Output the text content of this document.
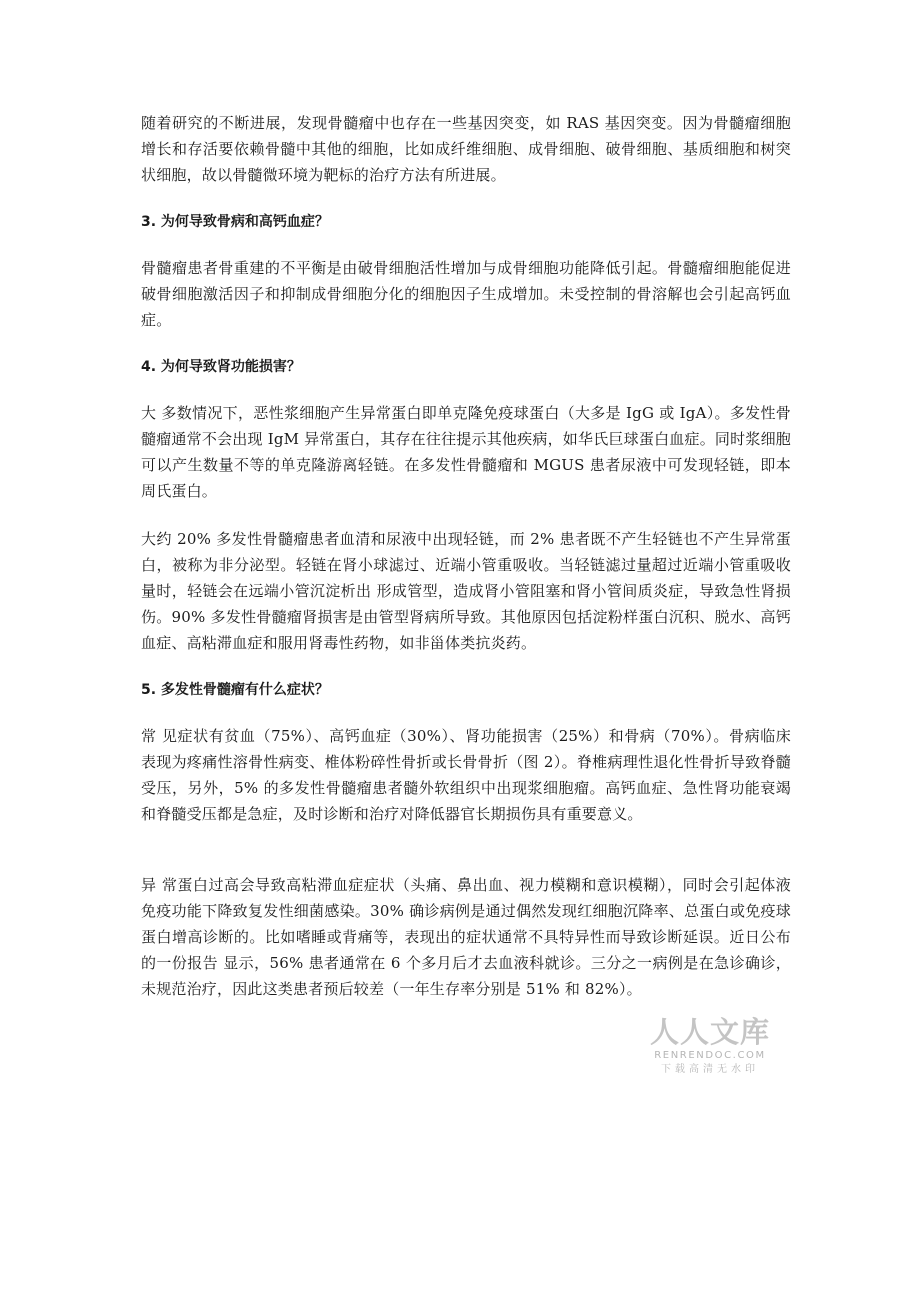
随着研究的不断进展，发现骨髓瘤中也存在一些基因突变，如 RAS 基因突变。因为骨髓瘤细胞增长和存活要依赖骨髓中其他的细胞，比如成纤维细胞、成骨细胞、破骨细胞、基质细胞和树突状细胞，故以骨髓微环境为靶标的治疗方法有所进展。

3. 为何导致骨病和高钙血症？

骨髓瘤患者骨重建的不平衡是由破骨细胞活性增加与成骨细胞功能降低引起。骨髓瘤细胞能促进破骨细胞激活因子和抑制成骨细胞分化的细胞因子生成增加。未受控制的骨溶解也会引起高钙血症。

4. 为何导致肾功能损害？

大 多数情况下，恶性浆细胞产生异常蛋白即单克隆免疫球蛋白（大多是 IgG 或 IgA）。多发性骨髓瘤通常不会出现 IgM 异常蛋白，其存在往往提示其他疾病，如华氏巨球蛋白血症。同时浆细胞可以产生数量不等的单克隆游离轻链。在多发性骨髓瘤和 MGUS 患者尿液中可发现轻链，即本周氏蛋白。

大约 20% 多发性骨髓瘤患者血清和尿液中出现轻链，而 2% 患者既不产生轻链也不产生异常蛋白，被称为非分泌型。轻链在肾小球滤过、近端小管重吸收。当轻链滤过量超过近端小管重吸收量时，轻链会在远端小管沉淀析出 形成管型，造成肾小管阻塞和肾小管间质炎症，导致急性肾损伤。90% 多发性骨髓瘤肾损害是由管型肾病所导致。其他原因包括淀粉样蛋白沉积、脱水、高钙血症、高粘滞血症和服用肾毒性药物，如非甾体类抗炎药。

5. 多发性骨髓瘤有什么症状？

常 见症状有贫血（75%）、高钙血症（30%）、肾功能损害（25%）和骨病（70%）。骨病临床表现为疼痛性溶骨性病变、椎体粉碎性骨折或长骨骨折（图 2）。脊椎病理性退化性骨折导致脊髓受压，另外，5% 的多发性骨髓瘤患者髓外软组织中出现浆细胞瘤。高钙血症、急性肾功能衰竭和脊髓受压都是急症，及时诊断和治疗对降低器官长期损伤具有重要意义。

异 常蛋白过高会导致高粘滞血症症状（头痛、鼻出血、视力模糊和意识模糊），同时会引起体液免疫功能下降致复发性细菌感染。30% 确诊病例是通过偶然发现红细胞沉降率、总蛋白或免疫球蛋白增高诊断的。比如嗜睡或背痛等，表现出的症状通常不具特异性而导致诊断延误。近日公布的一份报告 显示，56% 患者通常在 6 个多月后才去血液科就诊。三分之一病例是在急诊确诊，未规范治疗，因此这类患者预后较差（一年生存率分别是 51% 和 82%）。

人人文库
RENRENDOC.COM
下载高清无水印
